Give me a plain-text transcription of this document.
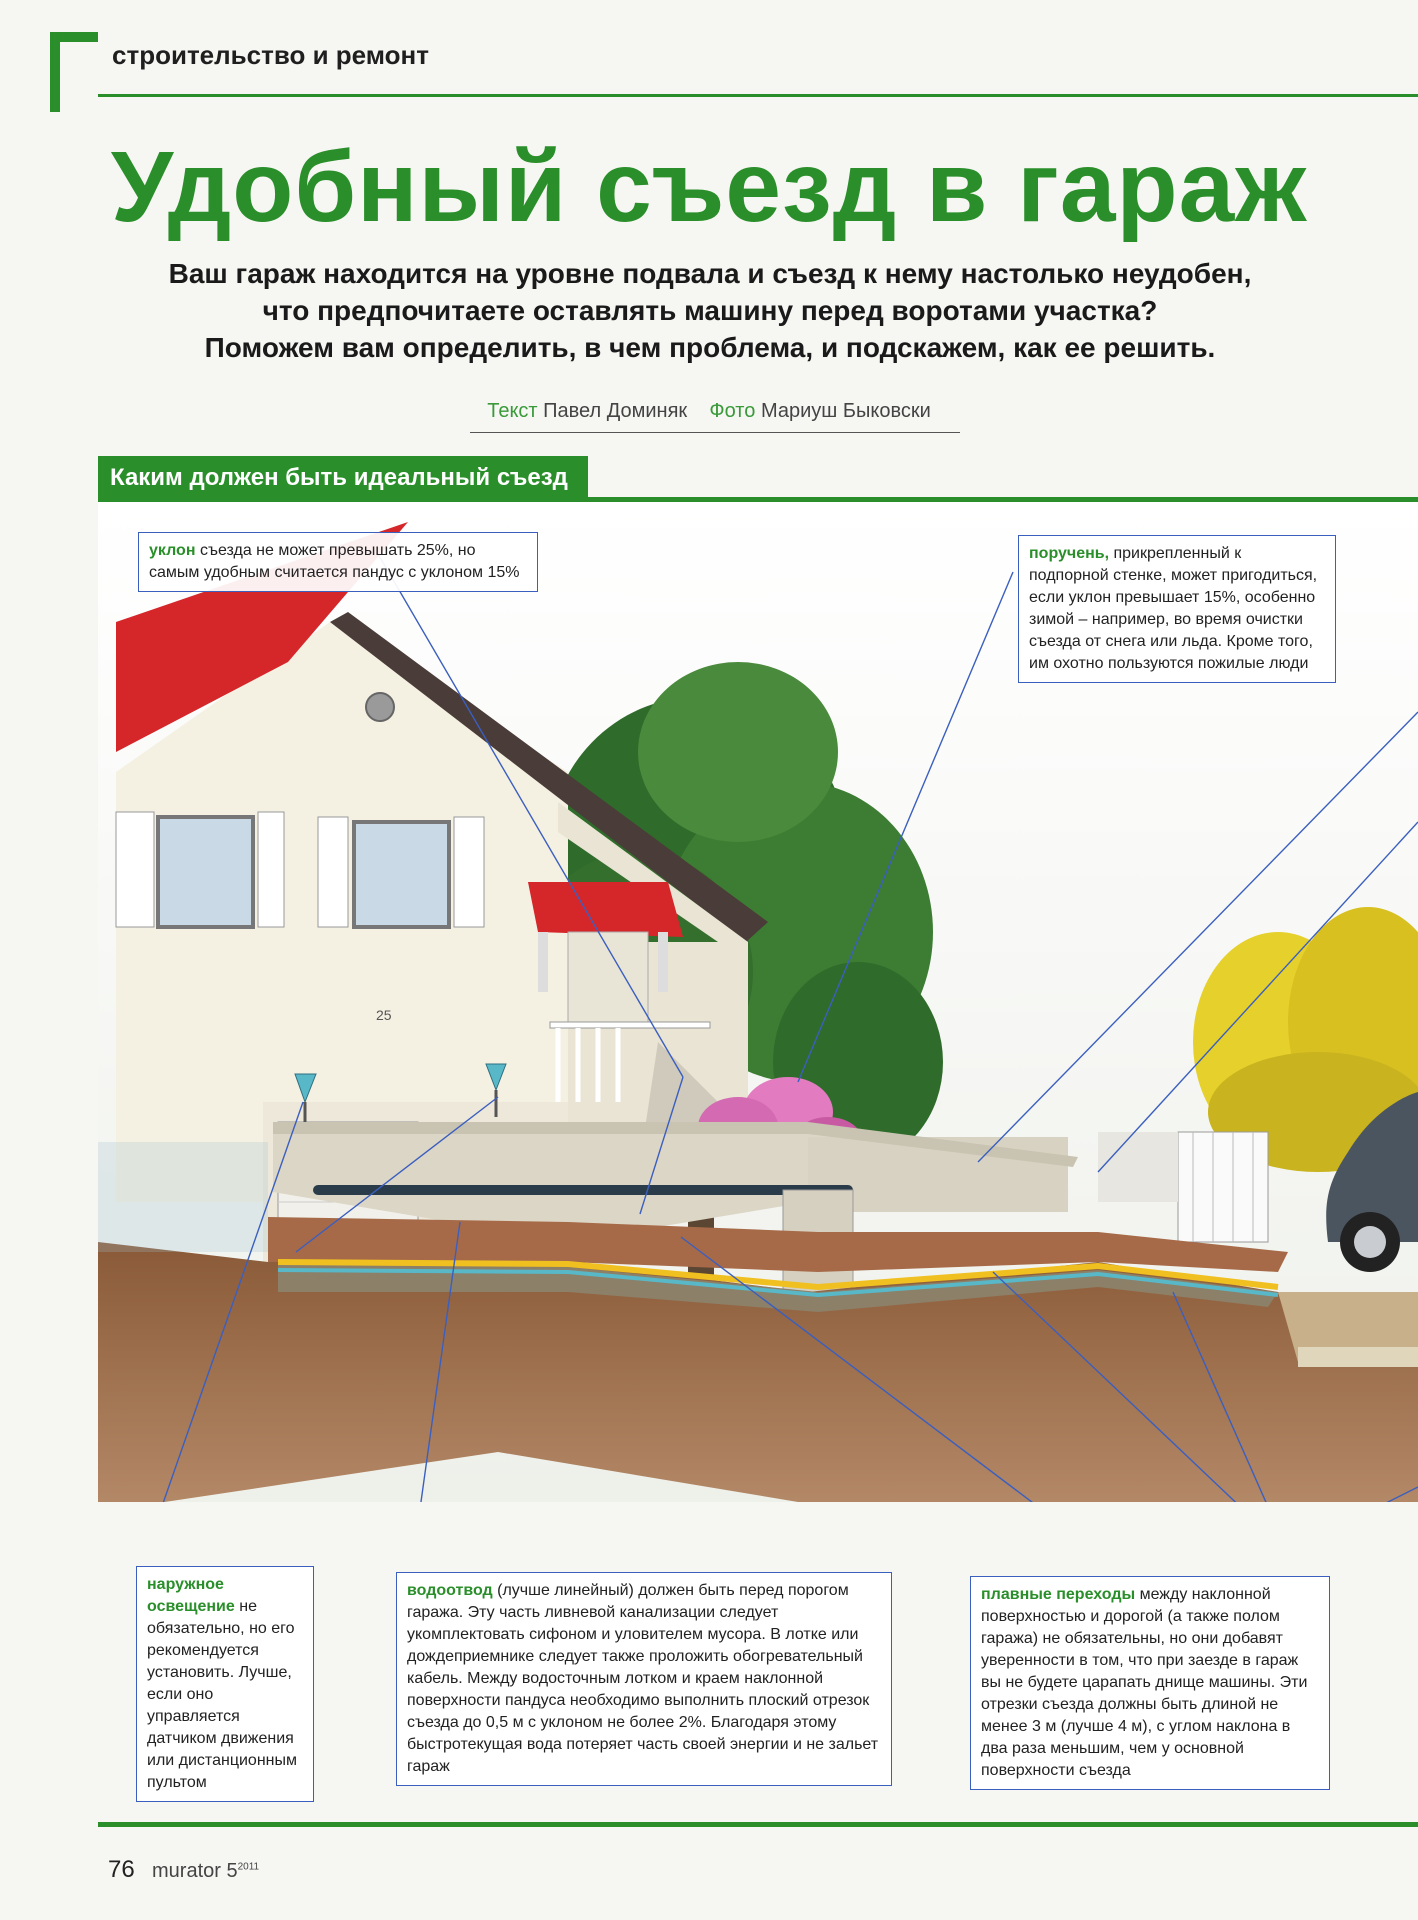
строительство и ремонт
Удобный съезд в гараж
Ваш гараж находится на уровне подвала и съезд к нему настолько неудобен,
что предпочитаете оставлять машину перед воротами участка?
Поможем вам определить, в чем проблема, и подскажем, как ее решить.
Текст Павел Доминяк Фото Мариуш Быковски
Каким должен быть идеальный съезд
25
уклон съезда не может превышать 25%, но самым удобным считается пандус с уклоном 15%
поручень, прикрепленный к подпорной стенке, может пригодиться, если уклон превышает 15%, особенно зимой – например, во время очистки съезда от снега или льда. Кроме того, им охотно пользуются пожилые люди
наружное освещение не обязательно, но его рекомендуется установить. Лучше, если оно управляется датчиком движения или дистанционным пультом
водоотвод (лучше линейный) должен быть перед порогом гаража. Эту часть ливневой канализации следует укомплектовать сифоном и уловителем мусора. В лотке или дождеприемнике следует также проложить обогревательный кабель. Между водосточным лотком и краем наклонной поверхности пандуса необходимо выполнить плоский отрезок съезда до 0,5 м с уклоном не более 2%. Благодаря этому быстротекущая вода потеряет часть своей энергии и не зальет гараж
плавные переходы между наклонной поверхностью и дорогой (а также полом гаража) не обязательны, но они добавят уверенности в том, что при заезде в гараж вы не будете царапать днище машины. Эти отрезки съезда должны быть длиной не менее 3 м (лучше 4 м), с углом наклона в два раза меньшим, чем у основной поверхности съезда
76 murator $5^{2011}$
